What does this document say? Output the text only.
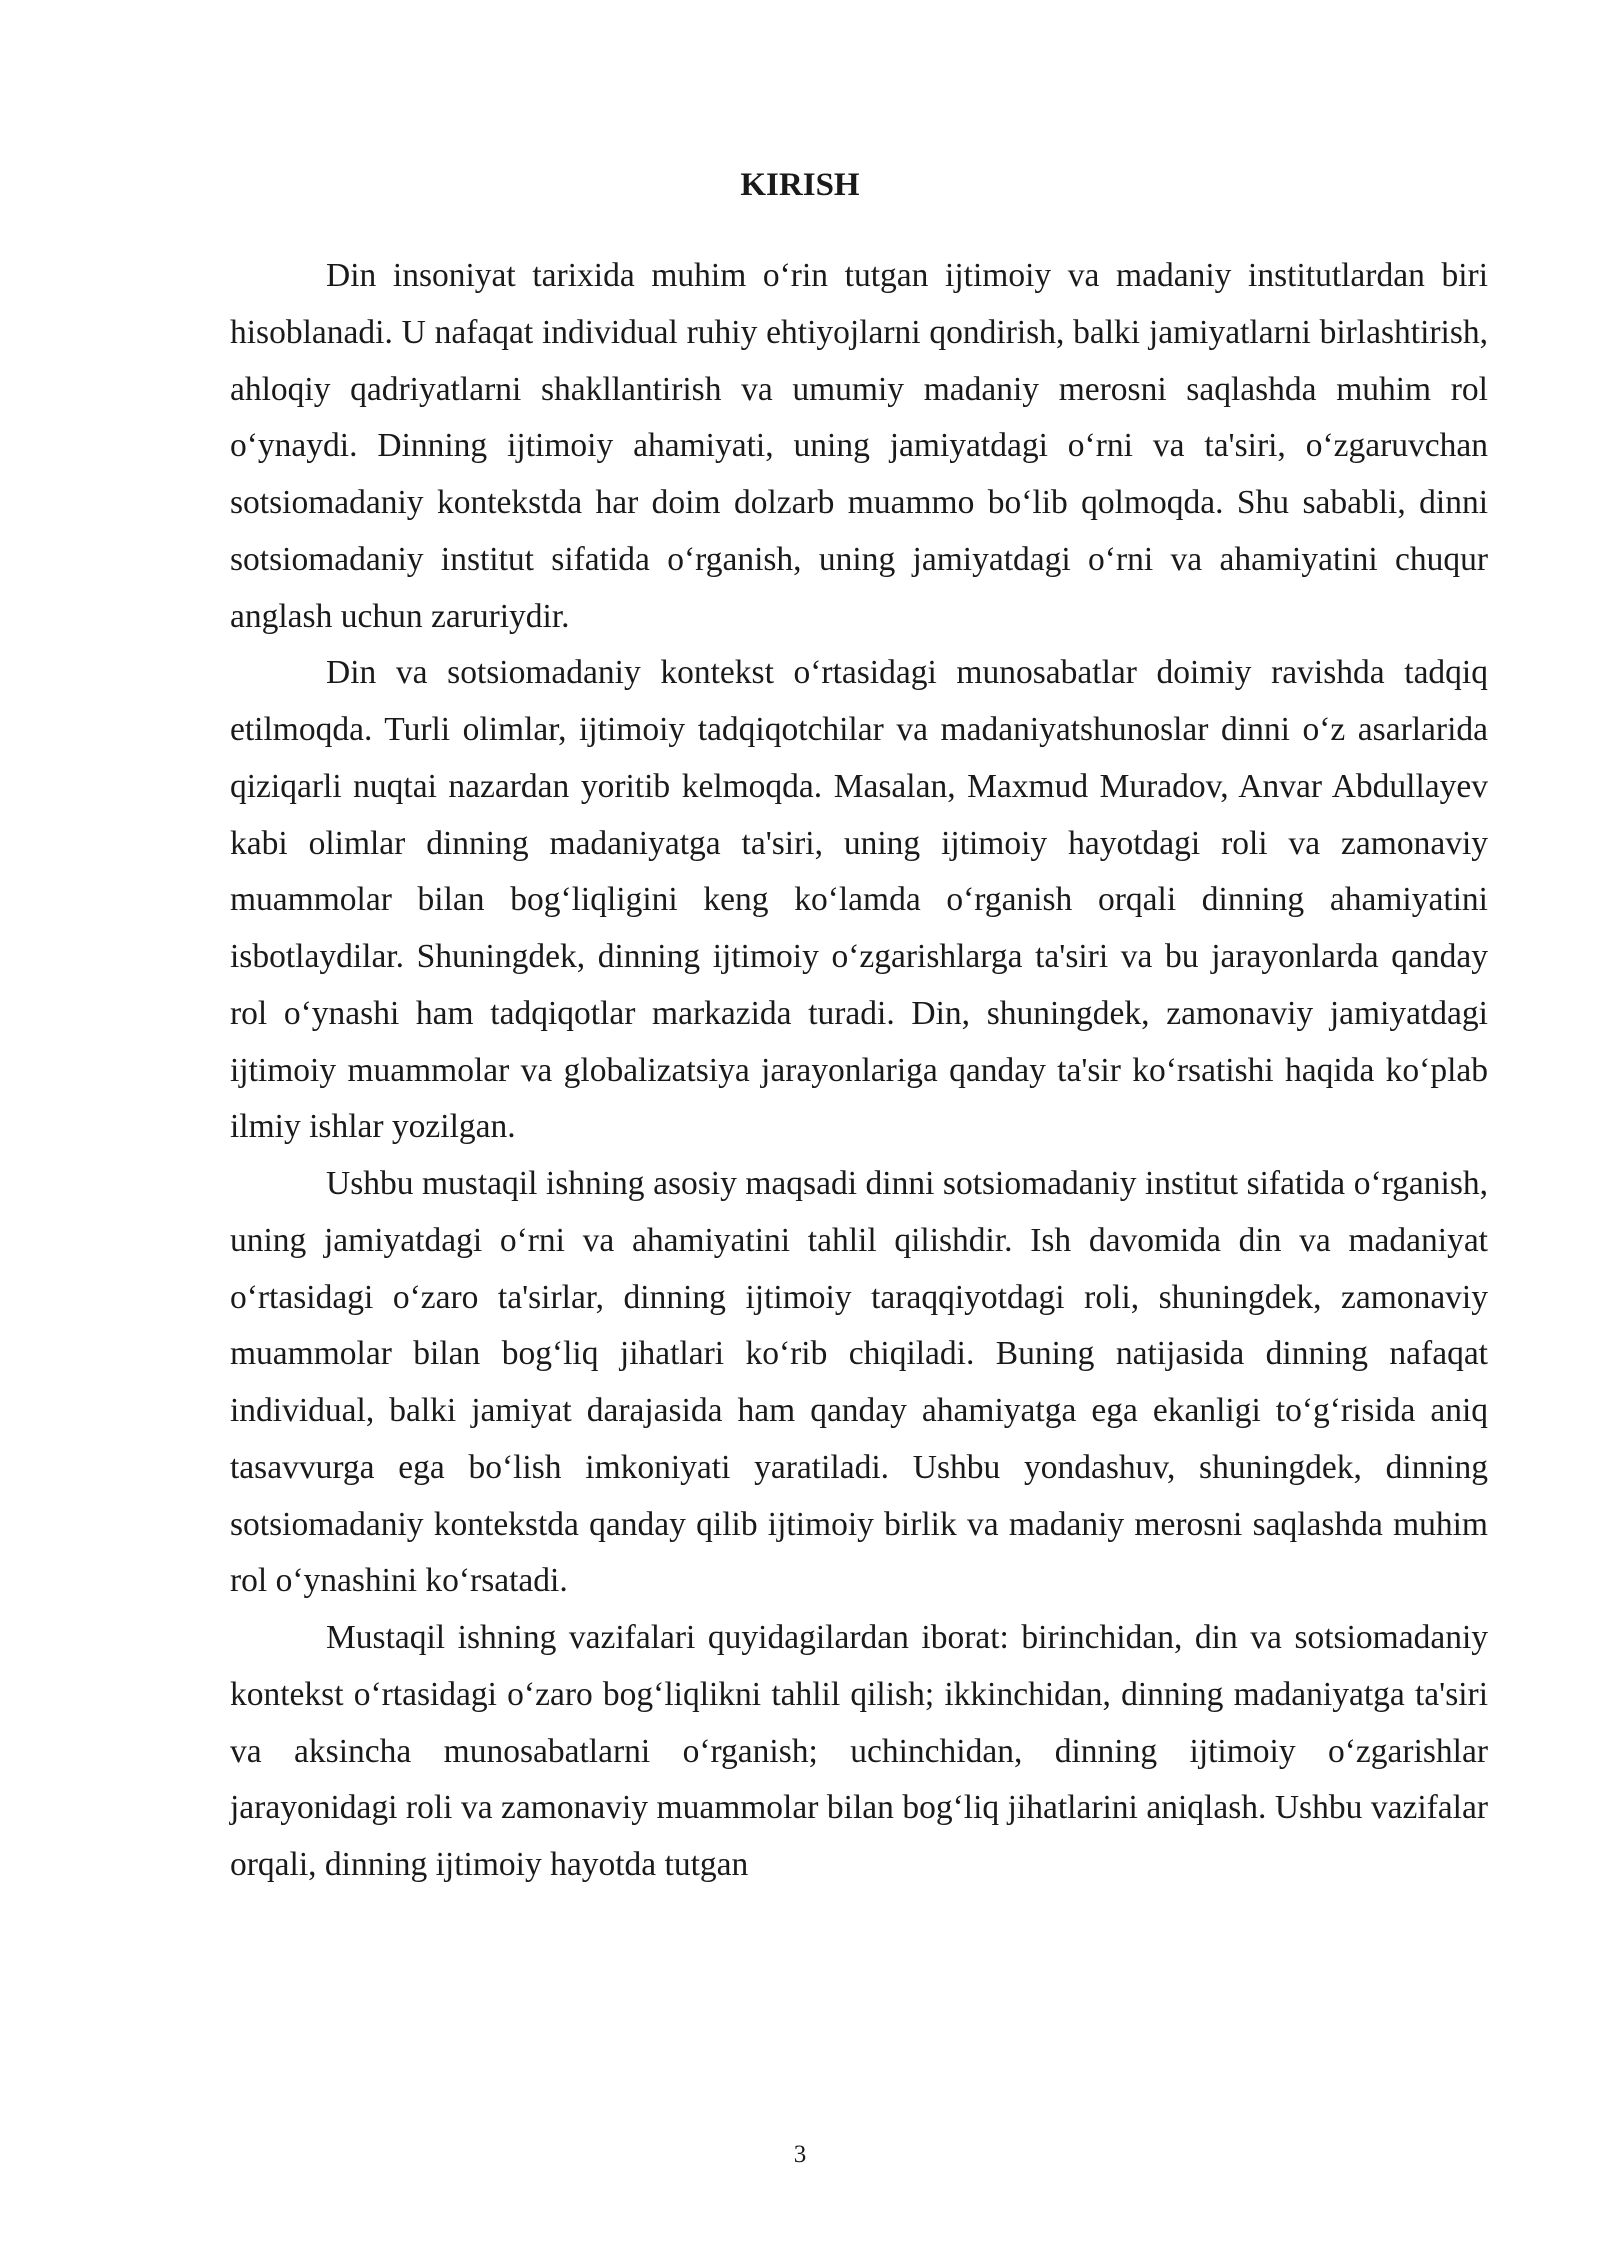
KIRISH

Din insoniyat tarixida muhim o‘rin tutgan ijtimoiy va madaniy institutlardan biri hisoblanadi. U nafaqat individual ruhiy ehtiyojlarni qondirish, balki jamiyatlarni birlashtirish, ahloqiy qadriyatlarni shakllantirish va umumiy madaniy merosni saqlashda muhim rol o‘ynaydi. Dinning ijtimoiy ahamiyati, uning jamiyatdagi o‘rni va ta'siri, o‘zgaruvchan sotsiomadaniy kontekstda har doim dolzarb muammo bo‘lib qolmoqda. Shu sababli, dinni sotsiomadaniy institut sifatida o‘rganish, uning jamiyatdagi o‘rni va ahamiyatini chuqur anglash uchun zaruriydir.

Din va sotsiomadaniy kontekst o‘rtasidagi munosabatlar doimiy ravishda tadqiq etilmoqda. Turli olimlar, ijtimoiy tadqiqotchilar va madaniyatshunoslar dinni o‘z asarlarida qiziqarli nuqtai nazardan yoritib kelmoqda. Masalan, Maxmud Muradov, Anvar Abdullayev kabi olimlar dinning madaniyatga ta'siri, uning ijtimoiy hayotdagi roli va zamonaviy muammolar bilan bog‘liqligini keng ko‘lamda o‘rganish orqali dinning ahamiyatini isbotlaydilar. Shuningdek, dinning ijtimoiy o‘zgarishlarga ta'siri va bu jarayonlarda qanday rol o‘ynashi ham tadqiqotlar markazida turadi. Din, shuningdek, zamonaviy jamiyatdagi ijtimoiy muammolar va globalizatsiya jarayonlariga qanday ta'sir ko‘rsatishi haqida ko‘plab ilmiy ishlar yozilgan.

Ushbu mustaqil ishning asosiy maqsadi dinni sotsiomadaniy institut sifatida o‘rganish, uning jamiyatdagi o‘rni va ahamiyatini tahlil qilishdir. Ish davomida din va madaniyat o‘rtasidagi o‘zaro ta'sirlar, dinning ijtimoiy taraqqiyotdagi roli, shuningdek, zamonaviy muammolar bilan bog‘liq jihatlari ko‘rib chiqiladi. Buning natijasida dinning nafaqat individual, balki jamiyat darajasida ham qanday ahamiyatga ega ekanligi to‘g‘risida aniq tasavvurga ega bo‘lish imkoniyati yaratiladi. Ushbu yondashuv, shuningdek, dinning sotsiomadaniy kontekstda qanday qilib ijtimoiy birlik va madaniy merosni saqlashda muhim rol o‘ynashini ko‘rsatadi.

Mustaqil ishning vazifalari quyidagilardan iborat: birinchidan, din va sotsiomadaniy kontekst o‘rtasidagi o‘zaro bog‘liqlikni tahlil qilish; ikkinchidan, dinning madaniyatga ta'siri va aksincha munosabatlarni o‘rganish; uchinchidan, dinning ijtimoiy o‘zgarishlar jarayonidagi roli va zamonaviy muammolar bilan bog‘liq jihatlarini aniqlash. Ushbu vazifalar orqali, dinning ijtimoiy hayotda tutgan

3
